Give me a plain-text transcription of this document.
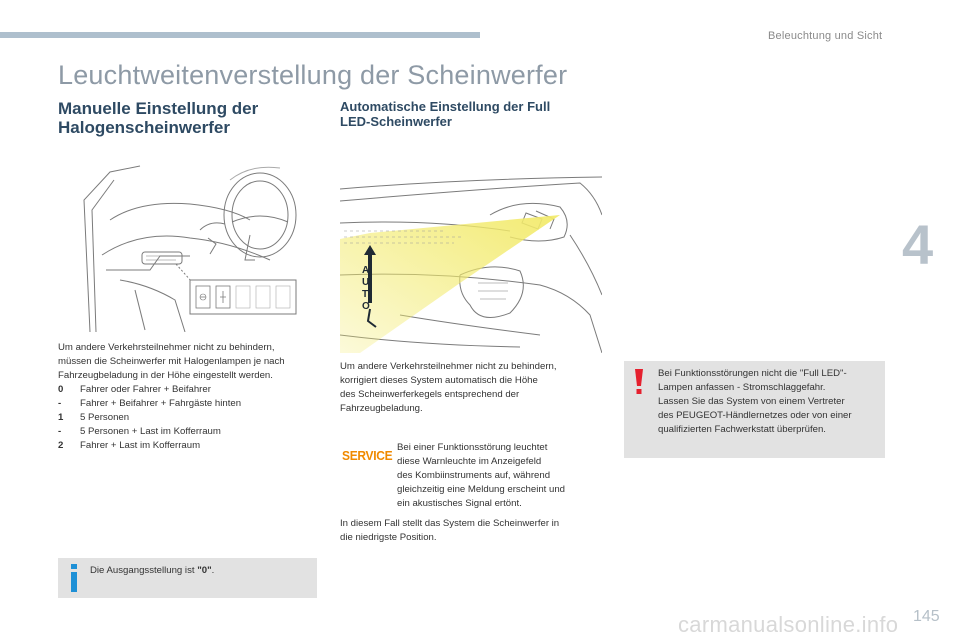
Beleuchtung und Sicht
4
Leuchtweitenverstellung der Scheinwerfer
Manuelle Einstellung der
Halogenscheinwerfer
Um andere Verkehrsteilnehmer nicht zu behindern,
müssen die Scheinwerfer mit Halogenlampen je nach
Fahrzeugbeladung in der Höhe eingestellt werden.
0	Fahrer oder Fahrer + Beifahrer
-	Fahrer + Beifahrer + Fahrgäste hinten
1	5 Personen
-	5 Personen + Last im Kofferraum
2	Fahrer + Last im Kofferraum
Die Ausgangsstellung ist "0".
Automatische Einstellung der Full
LED-Scheinwerfer
AUTO
Um andere Verkehrsteilnehmer nicht zu behindern,
korrigiert dieses System automatisch die Höhe
des Scheinwerferkegels entsprechend der
Fahrzeugbeladung.
SERVICE
Bei einer Funktionsstörung leuchtet
diese Warnleuchte im Anzeigefeld
des Kombiinstruments auf, während
gleichzeitig eine Meldung erscheint und
ein akustisches Signal ertönt.
In diesem Fall stellt das System die Scheinwerfer in
die niedrigste Position.
Bei Funktionsstörungen nicht die "Full LED"-
Lampen anfassen - Stromschlaggefahr.
Lassen Sie das System von einem Vertreter
des PEUGEOT-Händlernetzes oder von einer
qualifizierten Fachwerkstatt überprüfen.
carmanualsonline.info 145
